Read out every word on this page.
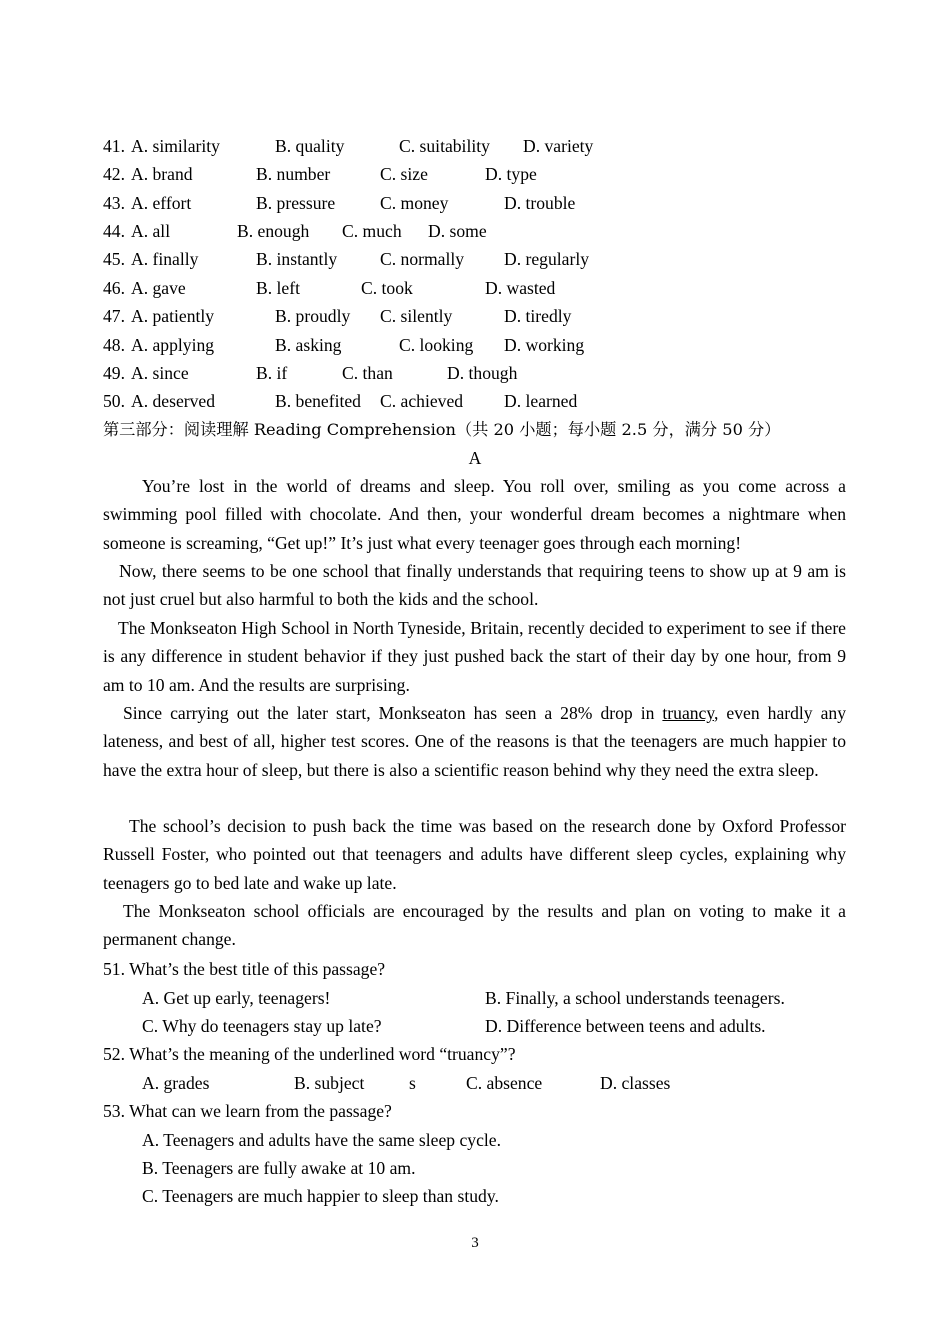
41. A. similarity	B. quality	C. suitability D. variety
42. A. brand	B. number	C. size	D. type
43. A. effort	B. pressure	C. money	D. trouble
44. A. all	B. enough C. much D. some
45. A. finally	B. instantly C. normally D. regularly
46. A. gave	B. left	C. took	D. wasted
47. A. patiently	B. proudly C. silently	D. tiredly
48. A. applying	B. asking	C. looking D. working
49. A. since	B. if	C. than	D. though
50. A. deserved	B. benefited C. achieved D. learned
第三部分：阅读理解 Reading Comprehension（共 20 小题；每小题 2.5 分，满分 50 分）
A
You’re lost in the world of dreams and sleep. You roll over, smiling as you come across a swimming pool filled with chocolate. And then, your wonderful dream becomes a nightmare when someone is screaming, “Get up!” It’s just what every teenager goes through each morning!
Now, there seems to be one school that finally understands that requiring teens to show up at 9 am is not just cruel but also harmful to both the kids and the school.
The Monkseaton High School in North Tyneside, Britain, recently decided to experiment to see if there is any difference in student behavior if they just pushed back the start of their day by one hour, from 9 am to 10 am. And the results are surprising.
Since carrying out the later start, Monkseaton has seen a 28% drop in truancy, even hardly any lateness, and best of all, higher test scores. One of the reasons is that the teenagers are much happier to have the extra hour of sleep, but there is also a scientific reason behind why they need the extra sleep.
The school’s decision to push back the time was based on the research done by Oxford Professor Russell Foster, who pointed out that teenagers and adults have different sleep cycles, explaining why teenagers go to bed late and wake up late.
The Monkseaton school officials are encouraged by the results and plan on voting to make it a permanent change.
51. What’s the best title of this passage?
A. Get up early, teenagers!	B. Finally, a school understands teenagers.
C. Why do teenagers stay up late?	D. Difference between teens and adults.
52. What’s the meaning of the underlined word “truancy”?
A. grades	B. subject	s	C. absence	D. classes
53. What can we learn from the passage?
A. Teenagers and adults have the same sleep cycle.
B. Teenagers are fully awake at 10 am.
C. Teenagers are much happier to sleep than study.
3
